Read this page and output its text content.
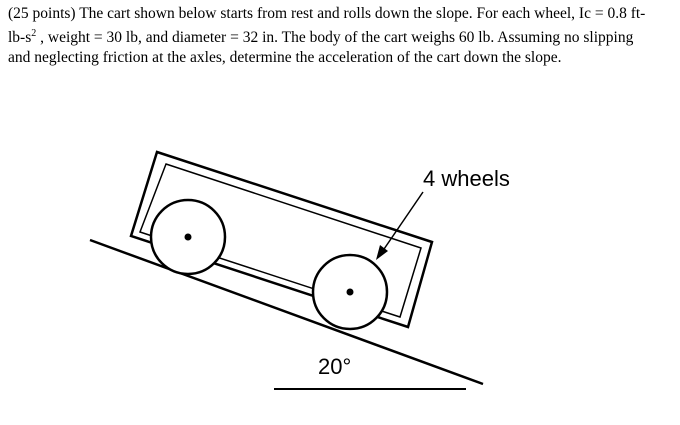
(25 points) The cart shown below starts from rest and rolls down the slope. For each wheel, Ic = 0.8 $ft-lb-s^2$ , weight = 30 lb, and diameter = 32 in. The body of the cart weighs 60 lb. Assuming no slipping and neglecting friction at the axles, determine the acceleration of the cart down the slope.
4 wheels
20°
